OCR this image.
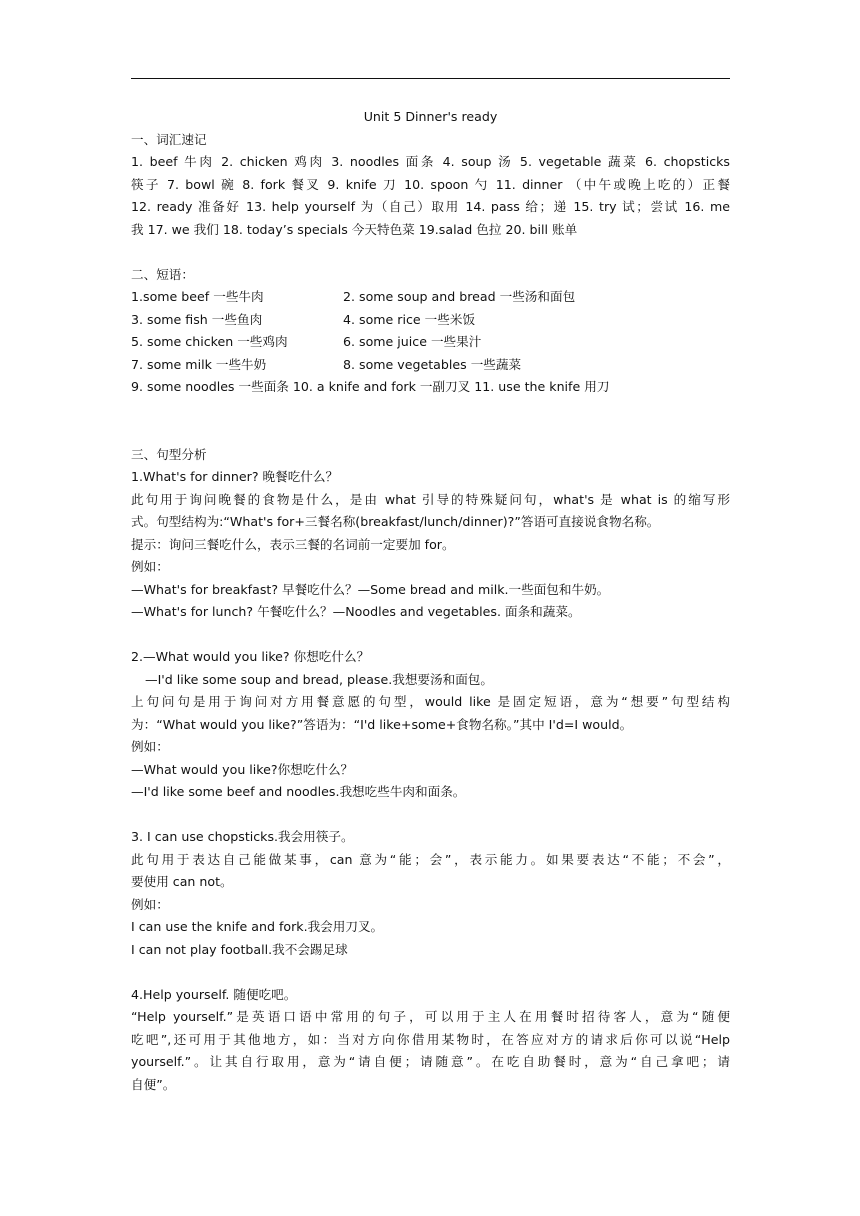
Unit 5 Dinner's ready
一、词汇速记
1. beef 牛肉 2. chicken 鸡肉 3. noodles 面条 4. soup 汤 5. vegetable 蔬菜 6. chopsticks
筷子 7. bowl 碗 8. fork 餐叉 9. knife 刀 10. spoon 勺 11. dinner （中午或晚上吃的）正餐
12. ready 准备好 13. help yourself 为（自己）取用 14. pass 给；递 15. try 试；尝试 16. me
我 17. we 我们 18. today’s specials 今天特色菜 19.salad 色拉 20. bill 账单
二、短语：
1.some beef 一些牛肉	2. some soup and bread 一些汤和面包
3. some fish 一些鱼肉	4. some rice 一些米饭
5. some chicken 一些鸡肉	6. some juice 一些果汁
7. some milk 一些牛奶	8. some vegetables 一些蔬菜
9. some noodles 一些面条 10. a knife and fork 一副刀叉 11. use the knife 用刀
三、句型分析
1.What's for dinner? 晚餐吃什么？
此句用于询问晚餐的食物是什么，是由 what 引导的特殊疑问句，what's 是 what is 的缩写形
式。句型结构为:“What's for+三餐名称(breakfast/lunch/dinner)?”答语可直接说食物名称。
提示：询问三餐吃什么，表示三餐的名词前一定要加 for。
例如：
—What's for breakfast? 早餐吃什么？—Some bread and milk.一些面包和牛奶。
—What's for lunch? 午餐吃什么？—Noodles and vegetables. 面条和蔬菜。
2.—What would you like? 你想吃什么？
—I'd like some soup and bread, please.我想要汤和面包。
上句问句是用于询问对方用餐意愿的句型，would like 是固定短语，意为“想要”句型结构
为：“What would you like?”答语为：“I'd like+some+食物名称。”其中 I'd=I would。
例如：
—What would you like?你想吃什么？
—I'd like some beef and noodles.我想吃些牛肉和面条。
3. I can use chopsticks.我会用筷子。
此句用于表达自己能做某事，can 意为“能；会”，表示能力。如果要表达“不能；不会”，
要使用 can not。
例如：
I can use the knife and fork.我会用刀叉。
I can not play football.我不会踢足球
4.Help yourself. 随便吃吧。
“Help yourself.”是英语口语中常用的句子，可以用于主人在用餐时招待客人，意为“随便
吃吧”,还可用于其他地方，如：当对方向你借用某物时，在答应对方的请求后你可以说“Help
yourself.”。让其自行取用，意为“请自便；请随意”。在吃自助餐时，意为“自己拿吧；请
自便”。
